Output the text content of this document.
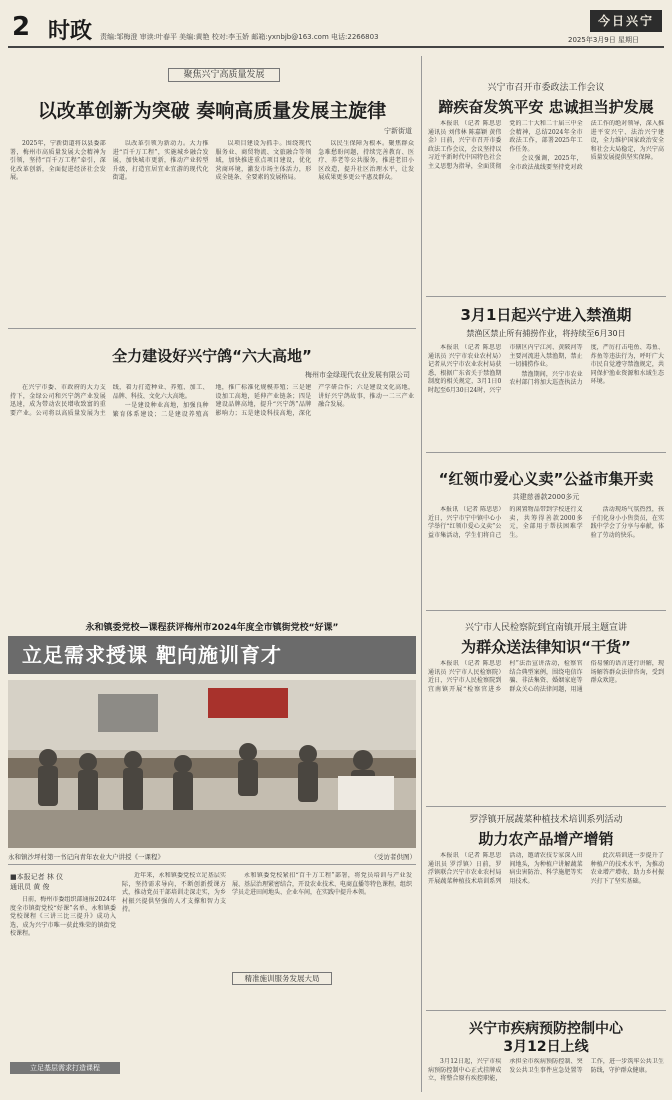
2 时政 责编:邹梅澄 审读:叶春平 美编:黄艳 校对:李玉娇 邮箱:yxnbjb@163.com 电话:2266803
今日兴宁
2025年3月9日 星期日
聚焦兴宁高质量发展
以改革创新为突破 奏响高质量发展主旋律
宁新街道

2025年，宁新街道将以县委部署，梅州市高质量发展大会精神为引领，坚持“百千万工程”牵引，深化改革创新，全面促进经济社会发展。

以改革引领为新动力。大力推进“百千万工程”，实施城乡融合发展，加快城市更新，推动产业转型升级，打造宜居宜业宜游的现代化街道。

以项目建设为抓手。围绕现代服务业、商贸物流、文旅融合等领域，加快推进重点项目建设，优化营商环境，激发市场主体活力，形成全链条、全要素的发展格局。

以民生保障为根本。聚焦群众急难愁盼问题，持续完善教育、医疗、养老等公共服务，推进老旧小区改造，提升社区治理水平，让发展成果更多更公平惠及群众。

全力建设好兴宁鸽“六大高地”
梅州市金绿现代农业发展有限公司

在兴宁市委、市政府的大力支持下，金绿公司和兴宁鸽产业发展迅速，成为带动农民增收致富的重要产业。公司将以高质量发展为主线，着力打造种业、养殖、加工、品牌、科技、文化六大高地。

一是建设种业高地，加强良种繁育体系建设；二是建设养殖高地，推广标准化规模养殖；三是建设加工高地，延伸产业链条；四是建设品牌高地，提升“兴宁鸽”品牌影响力；五是建设科技高地，深化产学研合作；六是建设文化高地，讲好兴宁鸽故事，推动一二三产业融合发展。

永和镇委党校—课程获评梅州市2024年度全市镇街党校“好课”
立足需求授课 靶向施训育才
永和镇沙坪村第一书记向青年农业大户讲授《一课程》	（受访者供图）
■本报记者 林 仪
通讯员 黄 俊

日前，梅州市委组织部通报2024年度全市镇街党校“好课”名单，永和镇委党校课程《三讲三比三提升》成功入选，成为兴宁市唯一获此殊荣的镇街党校课程。

立足基层需求打造课程

近年来，永和镇委党校立足基层实际，坚持需求导向，不断创新授课方式，推动党员干部培训走深走实，为乡村振兴提供坚强的人才支撑和智力支持。

永和镇委党校紧扣“百千万工程”部署，将党员培训与产业发展、基层治理紧密结合，开设农业技术、电商直播等特色课程，组织学员走进田间地头、企业车间，在实践中提升本领。

精准施训服务发展大局
兴宁市召开市委政法工作会议
蹄疾奋发筑平安 忠诚担当护发展

本报讯 （记者 陈思思 通讯员 刘伟林 陈嘉颖 黄伟金）日前，兴宁市召开市委政法工作会议，会议坚持以习近平新时代中国特色社会主义思想为指导，全面贯彻党的二十大和二十届三中全会精神，总结2024年全市政法工作，部署2025年工作任务。

会议强调，2025年，全市政法战线要坚持党对政法工作的绝对领导，深入推进平安兴宁、法治兴宁建设，全力维护国家政治安全和社会大局稳定，为兴宁高质量发展提供坚实保障。

3月1日起兴宁进入禁渔期
禁渔区禁止所有捕捞作业，将持续至6月30日

本报讯 （记者 陈思思 通讯员 兴宁市农业农村局）记者从兴宁市农业农村局获悉，根据广东省关于禁渔期制度的相关规定，3月1日0时起至6月30日24时，兴宁市辖区内宁江河、黄陂河等主要河流进入禁渔期，禁止一切捕捞作业。

禁渔期间，兴宁市农业农村部门将加大巡查执法力度，严厉打击电鱼、毒鱼、炸鱼等违法行为，呼吁广大市民自觉遵守禁渔规定，共同保护渔业资源和水域生态环境。

“红领巾爱心义卖”公益市集开卖
共建慈善款2000多元

本报讯 （记者 陈思思）近日，兴宁市宁中镇中心小学举行“红领巾爱心义卖”公益市集活动，学生们将自己的闲置物品带到学校进行义卖，共筹得善款2000多元，全部用于帮扶困难学生。

活动现场气氛热烈，孩子们化身小小售货员，在实践中学会了分享与奉献，体验了劳动的快乐。

兴宁市人民检察院到宜南镇开展主题宣讲
为群众送法律知识“干货”

本报讯 （记者 陈思思 通讯员 兴宁市人民检察院）近日，兴宁市人民检察院到宜南镇开展“检察官进乡村”法治宣讲活动，检察官结合典型案例，围绕电信诈骗、非法集资、婚姻家庭等群众关心的法律问题，用通俗易懂的语言进行讲解，现场解答群众法律咨询，受到群众欢迎。

罗浮镇开展蔬菜种植技术培训系列活动
助力农产品增产增销

本报讯 （记者 陈思思 通讯员 罗浮镇）日前，罗浮镇联合兴宁市农业农村局开展蔬菜种植技术培训系列活动，邀请农技专家深入田间地头，为种植户讲解蔬菜病虫害防治、科学施肥等实用技术。

此次培训进一步提升了种植户的技术水平，为推动农业增产增收、助力乡村振兴打下了坚实基础。

兴宁市疾病预防控制中心
3月12日上线

3月12日起，兴宁市疾病预防控制中心正式挂牌成立，将整合原有疾控职能，承担全市疾病预防控制、突发公共卫生事件应急处置等工作，进一步筑牢公共卫生防线，守护群众健康。
